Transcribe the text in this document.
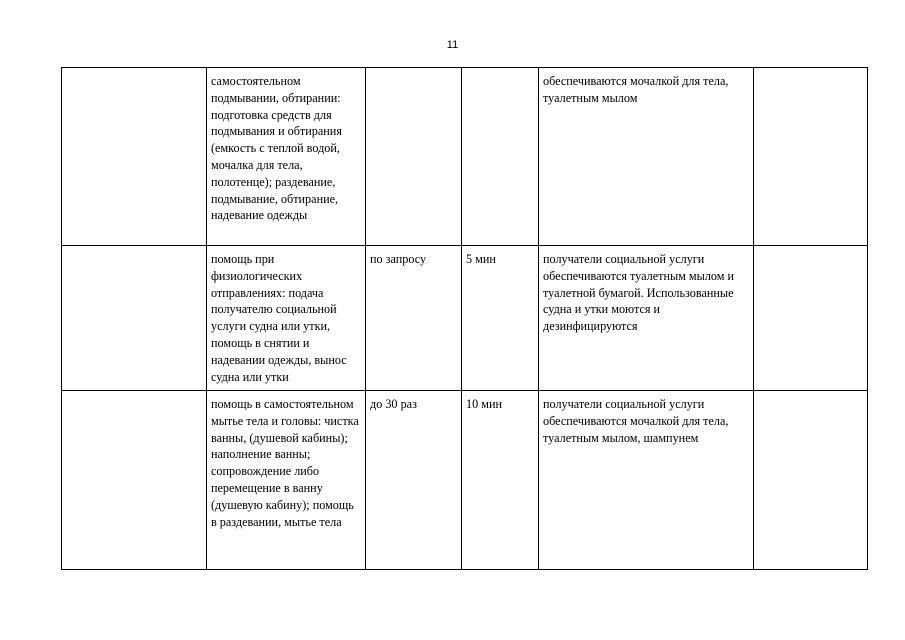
11
	самостоятельном подмывании, обтирании: подготовка средств для подмывания и обтирания (емкость с теплой водой, мочалка для тела, полотенце); раздевание, подмывание, обтирание, надевание одежды			обеспечиваются мочалкой для тела, туалетным мылом	
	помощь при физиологических отправлениях: подача получателю социальной услуги судна или утки, помощь в снятии и надевании одежды, вынос судна или утки	по запросу	5 мин	получатели социальной услуги обеспечиваются туалетным мылом и туалетной бумагой. Использованные судна и утки моются и дезинфицируются	
	помощь в самостоятельном мытье тела и головы: чистка ванны, (душевой кабины); наполнение ванны; сопровождение либо перемещение в ванну (душевую кабину); помощь в раздевании, мытье тела	до 30 раз	10 мин	получатели социальной услуги обеспечиваются мочалкой для тела, туалетным мылом, шампунем	
